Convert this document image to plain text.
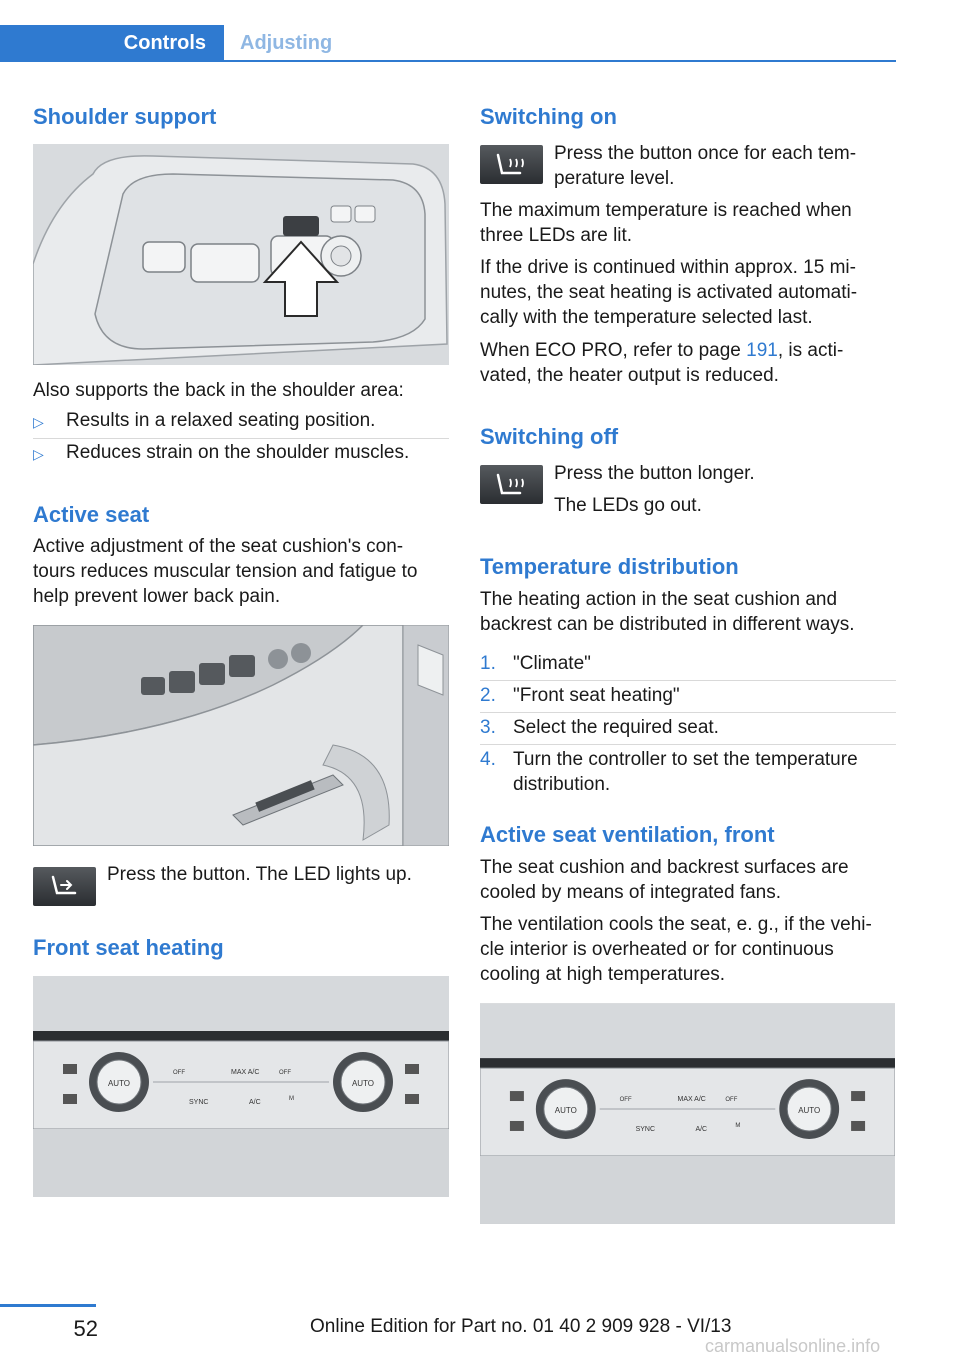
Controls Adjusting
Shoulder support

Also supports the back in the shoulder area:

▷ Results in a relaxed seating position.
▷ Reduces strain on the shoulder muscles.
Active seat

Active adjustment of the seat cushion's con-

tours reduces muscular tension and fatigue to

help prevent lower back pain.

Press the button. The LED lights up.

Front seat heating
AUTO	AUTO
OFF	MAX A/C	OFF
SYNC	A/C	M
Switching on

Press the button once for each tem-

perature level.

The maximum temperature is reached when

three LEDs are lit.

If the drive is continued within approx. 15 mi-

nutes, the seat heating is activated automati-

cally with the temperature selected last.

When ECO PRO, refer to page 191, is acti-

vated, the heater output is reduced.

Switching off

Press the button longer.

The LEDs go out.

Temperature distribution

The heating action in the seat cushion and

backrest can be distributed in different ways.

1. "Climate"
2. "Front seat heating"
3. Select the required seat.
4. Turn the controller to set the temperature distribution.
Active seat ventilation, front

The seat cushion and backrest surfaces are

cooled by means of integrated fans.

The ventilation cools the seat, e. g., if the vehi-

cle interior is overheated or for continuous

cooling at high temperatures.

AUTO	AUTO
OFF	MAX A/C	OFF
SYNC	A/C	M
52	Online Edition for Part no. 01 40 2 909 928 - VI/13
carmanualsonline.info
